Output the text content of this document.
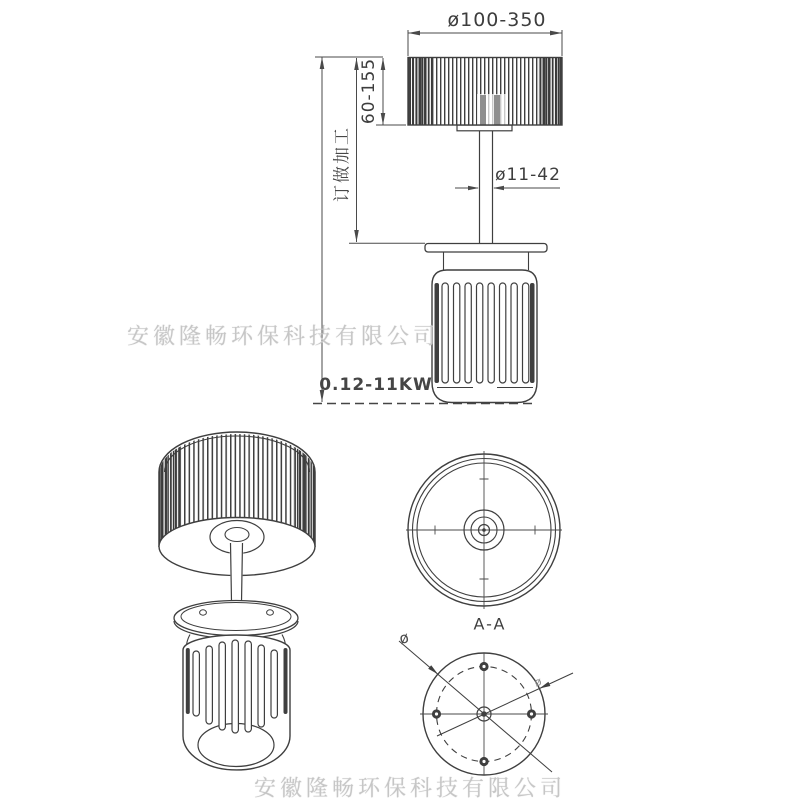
安徽隆畅环保科技有限公司
安徽隆畅环保科技有限公司
ø100-350
60-155
订做加工	ø11-42
0.12-11KW
A-A
ø
ø
